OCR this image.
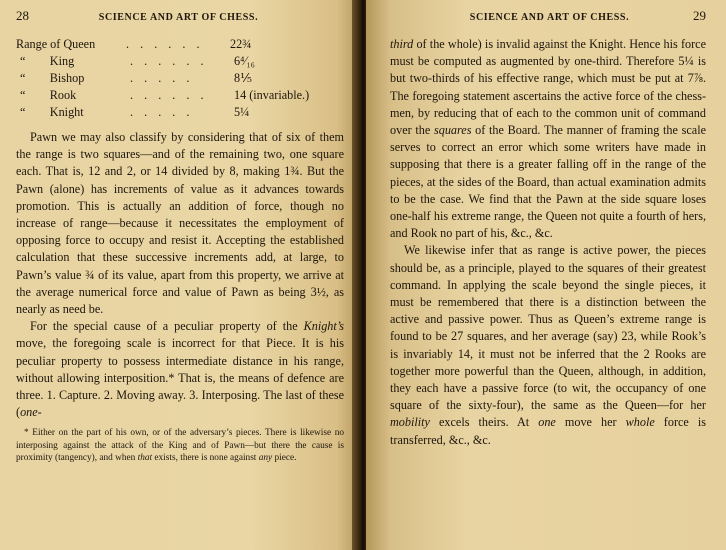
28	SCIENCE AND ART OF CHESS.
Range of Queen	. . . . . .	22¾
“        King	. . . . . .	6⁴⁄₁₆
“        Bishop	. . . . .	8⅕
“        Rook	. . . . . .	14 (invariable.)
“        Knight	. . . . .	5¼

Pawn we may also classify by considering that of six of them the range is two squares—and of the remaining two, one square each. That is, 12 and 2, or 14 divided by 8, making 1¾. But the Pawn (alone) has increments of value as it advances towards promotion. This is actually an addition of force, though no increase of range—because it necessitates the employment of opposing force to occupy and resist it. Accepting the established calculation that these successive increments add, at large, to Pawn’s value ¾ of its value, apart from this property, we arrive at the average numerical force and value of Pawn as being 3½, as nearly as need be.

For the special cause of a peculiar property of the Knight’s move, the foregoing scale is incorrect for that Piece. It is his peculiar property to possess intermediate distance in his range, without allowing interposition.* That is, the means of defence are three. 1. Capture. 2. Moving away. 3. Interposing. The last of these (one-

* Either on the part of his own, or of the adversary’s pieces. There is likewise no interposing against the attack of the King and of Pawn—but there the cause is proximity (tangency), and when that exists, there is none against any piece.

SCIENCE AND ART OF CHESS.	29

third of the whole) is invalid against the Knight. Hence his force must be computed as augmented by one-third. Therefore 5¼ is but two-thirds of his effective range, which must be put at 7⅞. The foregoing statement ascertains the active force of the chess-men, by reducing that of each to the common unit of command over the squares of the Board. The manner of framing the scale serves to correct an error which some writers have made in supposing that there is a greater falling off in the range of the pieces, at the sides of the Board, than actual examination admits to be the case. We find that the Pawn at the side square loses one-half his extreme range, the Queen not quite a fourth of hers, and Rook no part of his, &c., &c.

We likewise infer that as range is active power, the pieces should be, as a principle, played to the squares of their greatest command. In applying the scale beyond the single pieces, it must be remembered that there is a distinction between the active and passive power. Thus as Queen’s extreme range is found to be 27 squares, and her average (say) 23, while Rook’s is invariably 14, it must not be inferred that the 2 Rooks are together more powerful than the Queen, although, in addition, they each have a passive force (to wit, the occupancy of one square of the sixty-four), the same as the Queen—for her mobility excels theirs. At one move her whole force is transferred, &c., &c.
